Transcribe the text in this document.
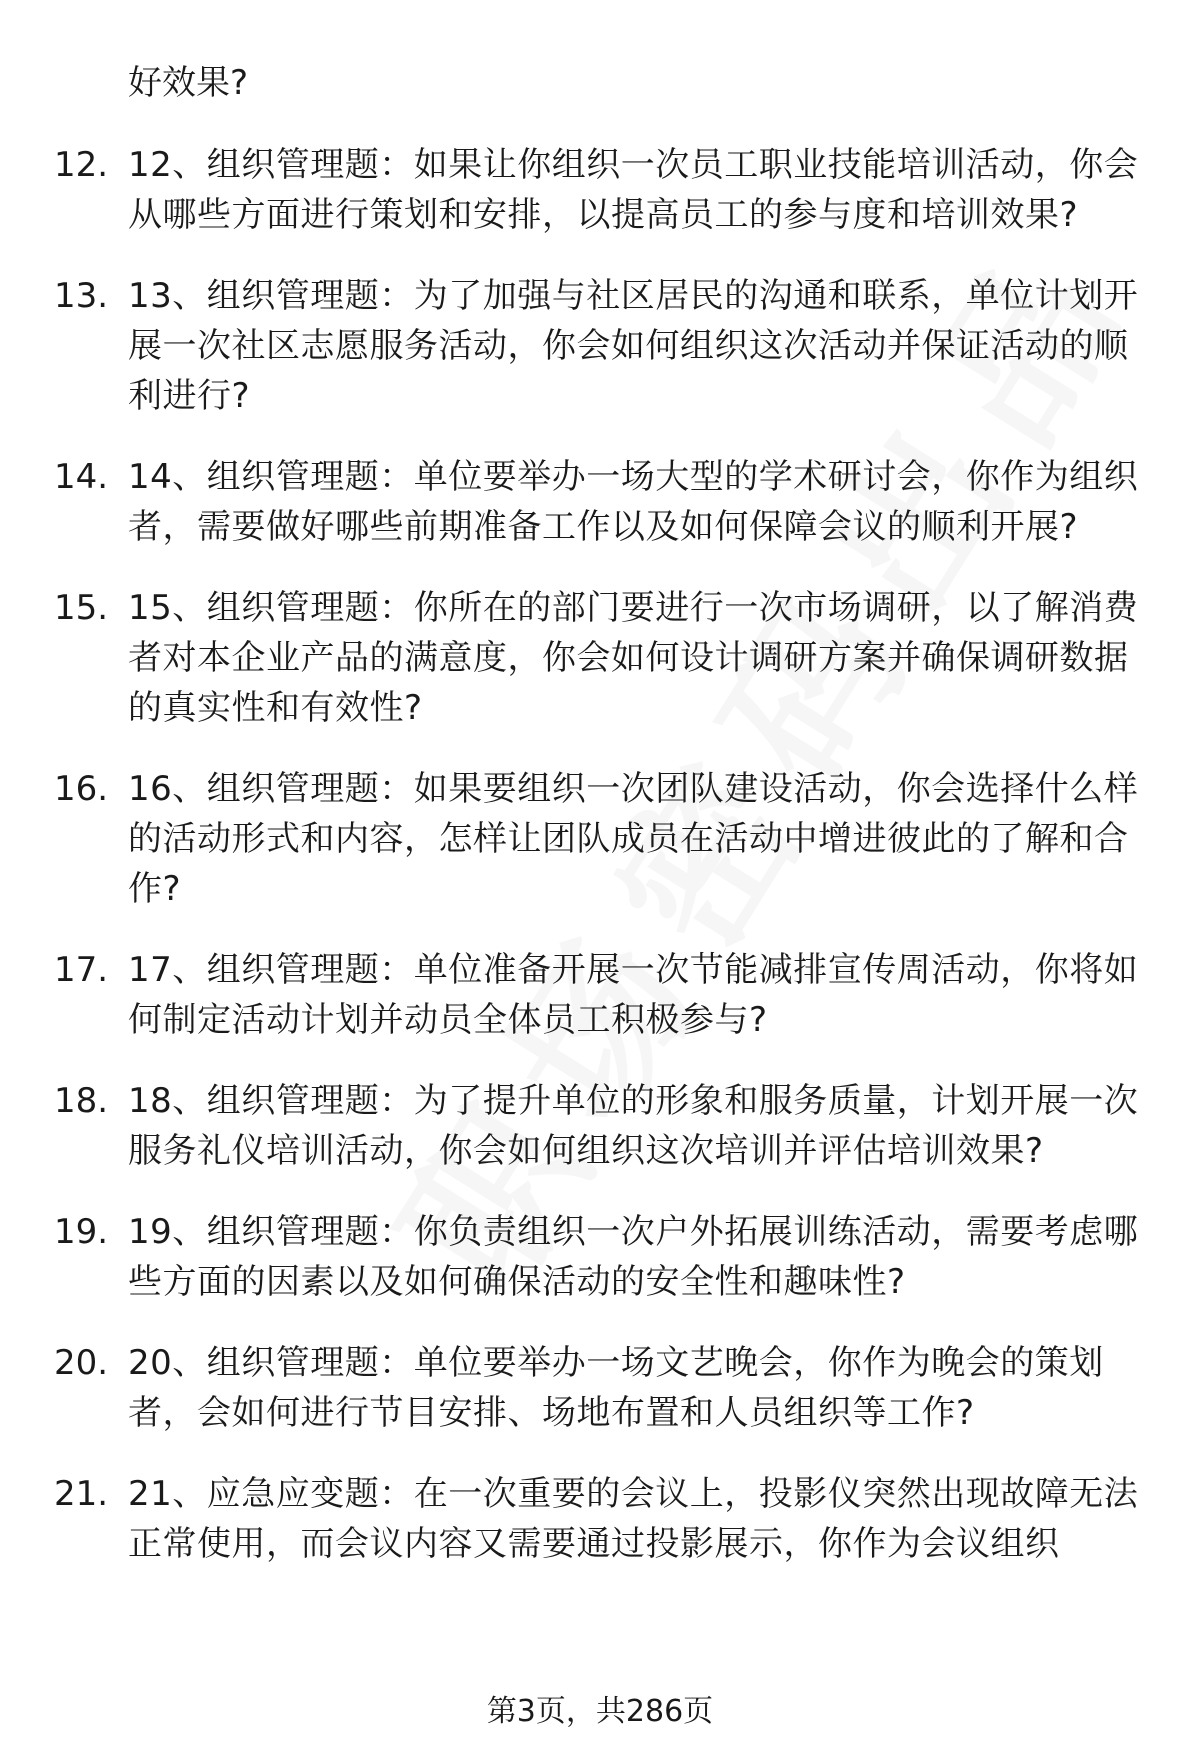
好效果?
12. 12、组织管理题：如果让你组织一次员工职业技能培训活动，你会从哪些方面进行策划和安排，以提高员工的参与度和培训效果?
13. 13、组织管理题：为了加强与社区居民的沟通和联系，单位计划开展一次社区志愿服务活动，你会如何组织这次活动并保证活动的顺利进行?
14. 14、组织管理题：单位要举办一场大型的学术研讨会，你作为组织者，需要做好哪些前期准备工作以及如何保障会议的顺利开展?
15. 15、组织管理题：你所在的部门要进行一次市场调研，以了解消费者对本企业产品的满意度，你会如何设计调研方案并确保调研数据的真实性和有效性?
16. 16、组织管理题：如果要组织一次团队建设活动，你会选择什么样的活动形式和内容，怎样让团队成员在活动中增进彼此的了解和合作?
17. 17、组织管理题：单位准备开展一次节能减排宣传周活动，你将如何制定活动计划并动员全体员工积极参与?
18. 18、组织管理题：为了提升单位的形象和服务质量，计划开展一次服务礼仪培训活动，你会如何组织这次培训并评估培训效果?
19. 19、组织管理题：你负责组织一次户外拓展训练活动，需要考虑哪些方面的因素以及如何确保活动的安全性和趣味性?
20. 20、组织管理题：单位要举办一场文艺晚会，你作为晚会的策划者，会如何进行节目安排、场地布置和人员组织等工作?
21. 21、应急应变题：在一次重要的会议上，投影仪突然出现故障无法正常使用，而会议内容又需要通过投影展示，你作为会议组织
第3页，共286页
